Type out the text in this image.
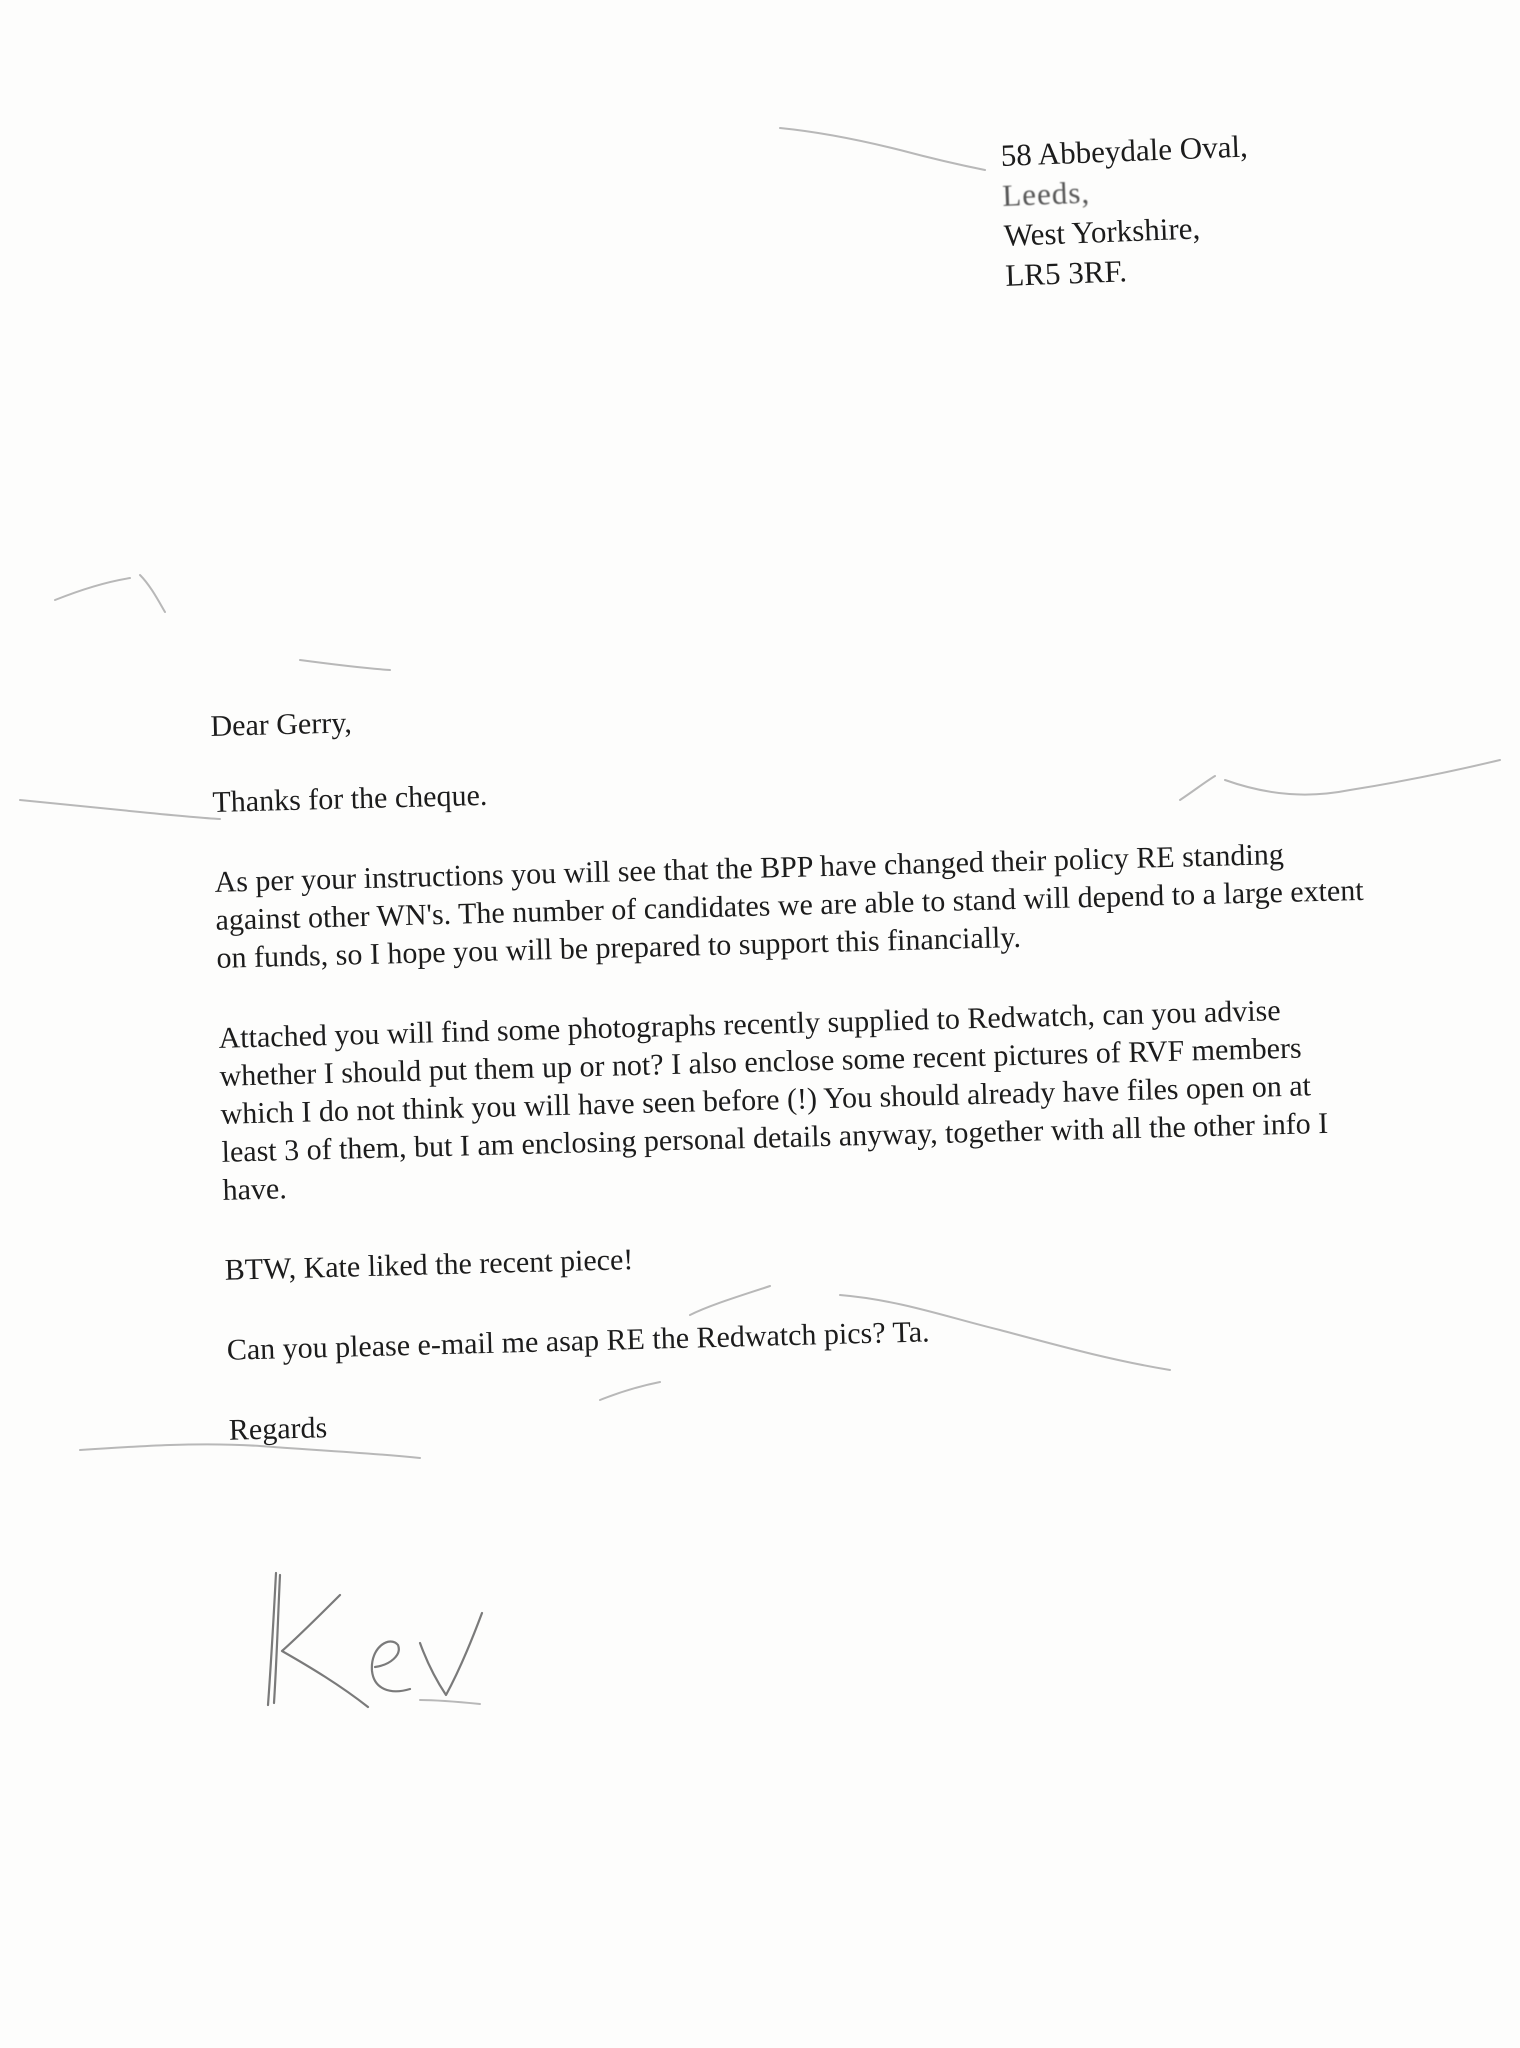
58 Abbeydale Oval,
Leeds,
West Yorkshire,
LR5 3RF.

Dear Gerry,

Thanks for the cheque.

As per your instructions you will see that the BPP have changed their policy RE standing against other WN's. The number of candidates we are able to stand will depend to a large extent on funds, so I hope you will be prepared to support this financially.

Attached you will find some photographs recently supplied to Redwatch, can you advise whether I should put them up or not? I also enclose some recent pictures of RVF members which I do not think you will have seen before (!) You should already have files open on at least 3 of them, but I am enclosing personal details anyway, together with all the other info I have.

BTW, Kate liked the recent piece!

Can you please e-mail me asap RE the Redwatch pics? Ta.

Regards
